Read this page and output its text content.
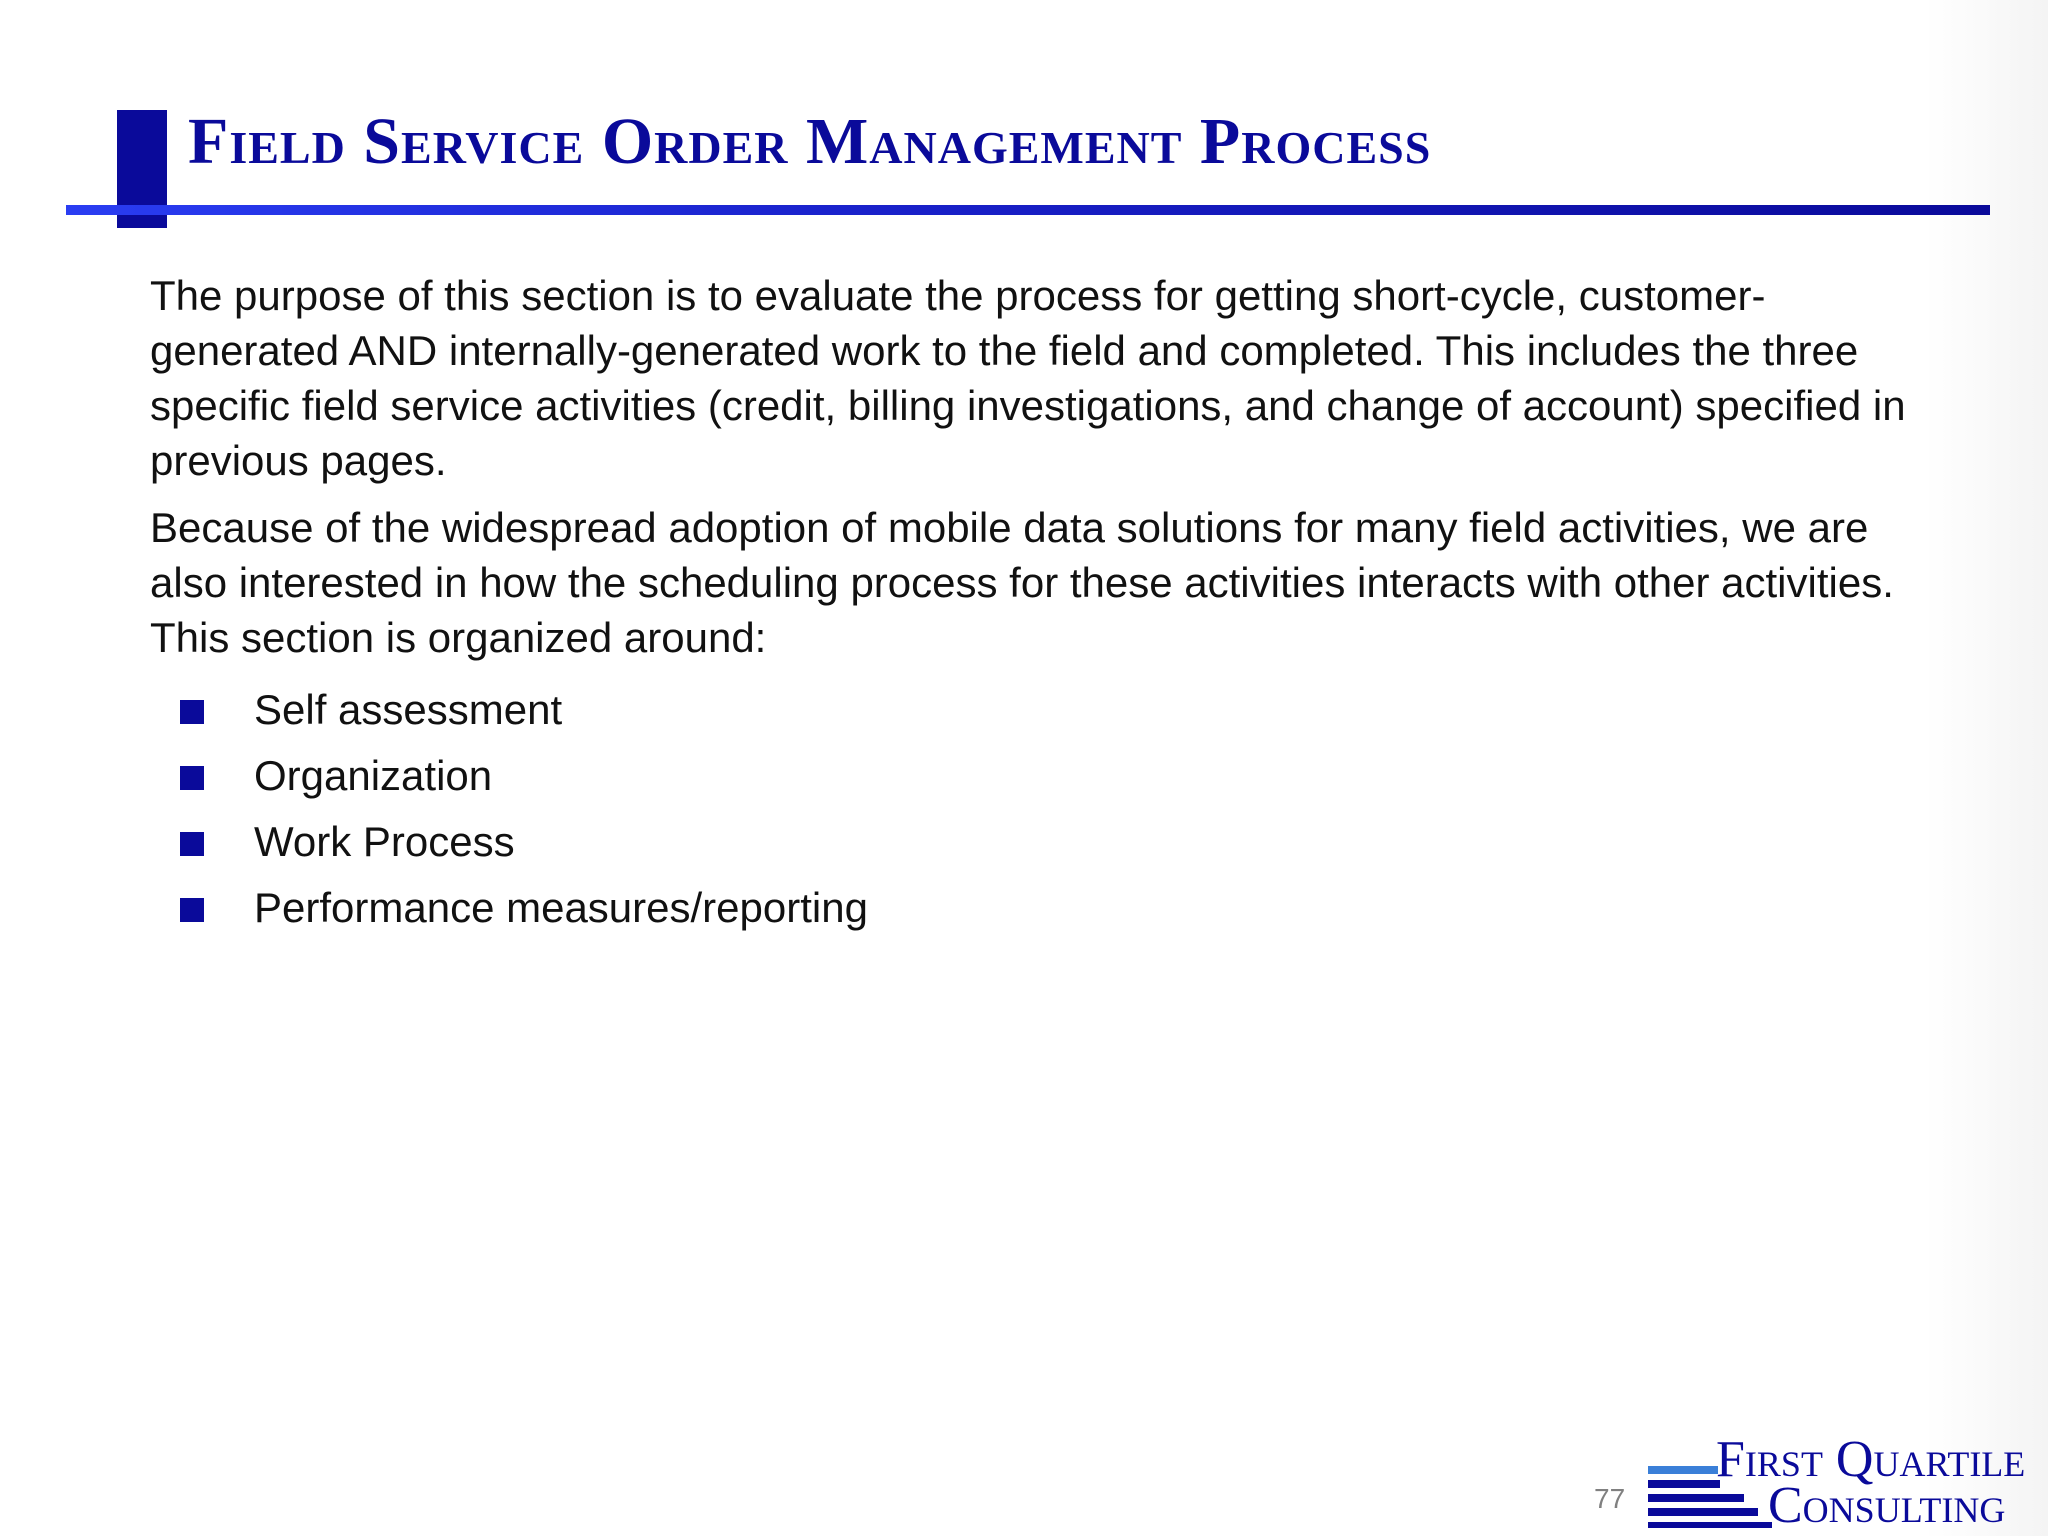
Field Service Order Management Process

The purpose of this section is to evaluate the process for getting short-cycle, customer-generated AND internally-generated work to the field and completed. This includes the three specific field service activities (credit, billing investigations, and change of account) specified in previous pages.

Because of the widespread adoption of mobile data solutions for many field activities, we are also interested in how the scheduling process for these activities interacts with other activities. This section is organized around:

Self assessment
Organization
Work Process
Performance measures/reporting
77
First Quartile
Consulting
